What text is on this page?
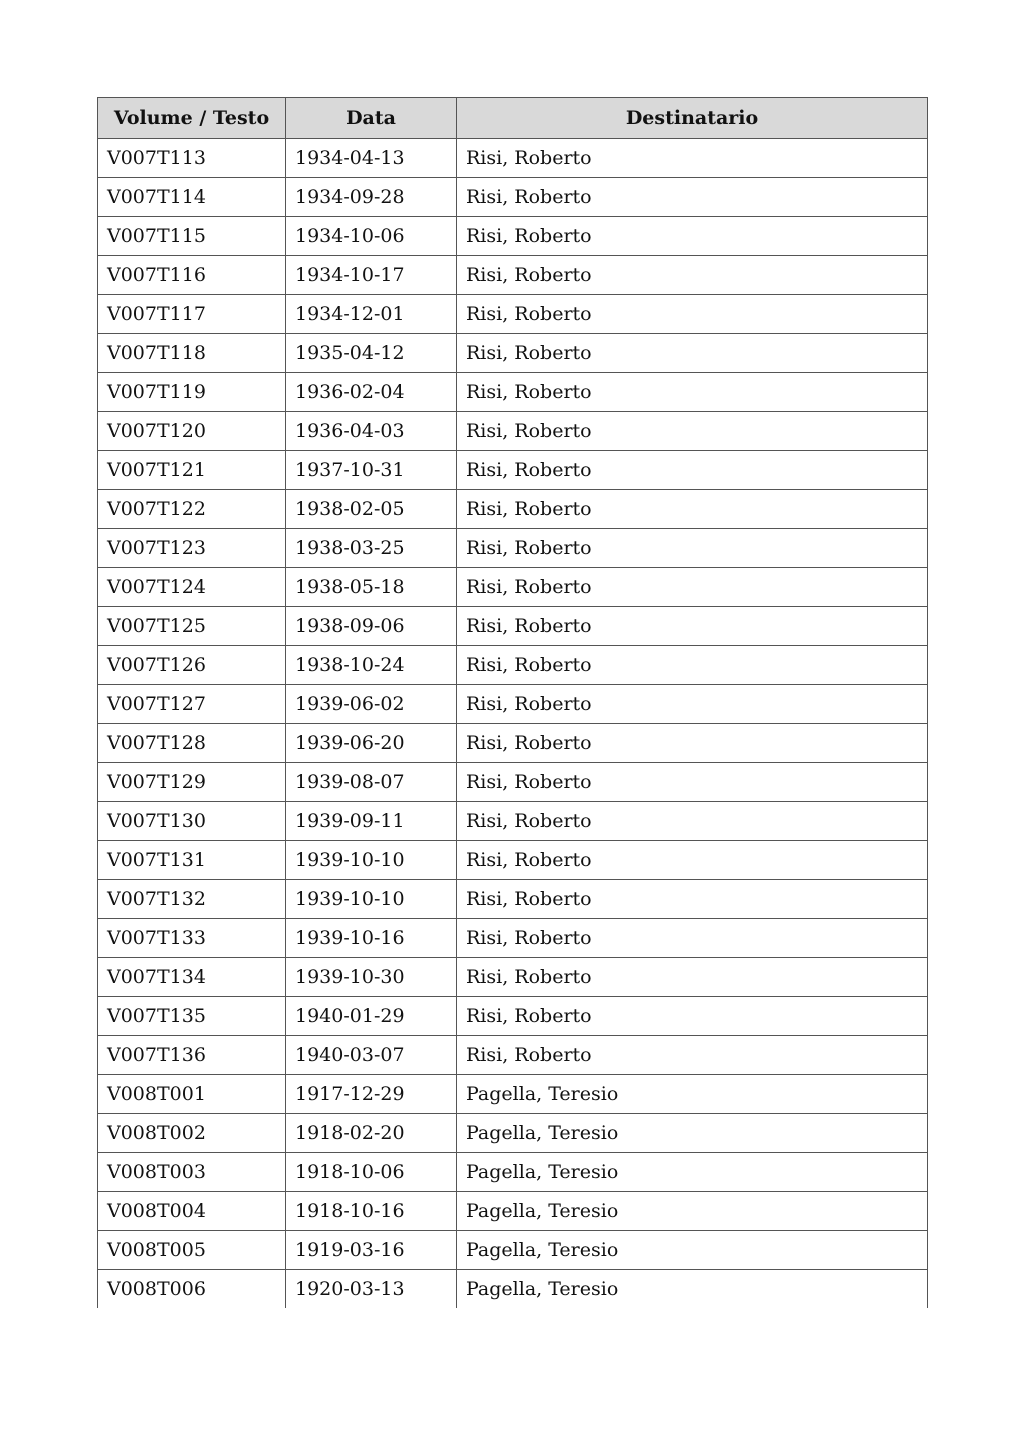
Volume / Testo	Data	Destinatario
V007T113	1934-04-13	Risi, Roberto
V007T114	1934-09-28	Risi, Roberto
V007T115	1934-10-06	Risi, Roberto
V007T116	1934-10-17	Risi, Roberto
V007T117	1934-12-01	Risi, Roberto
V007T118	1935-04-12	Risi, Roberto
V007T119	1936-02-04	Risi, Roberto
V007T120	1936-04-03	Risi, Roberto
V007T121	1937-10-31	Risi, Roberto
V007T122	1938-02-05	Risi, Roberto
V007T123	1938-03-25	Risi, Roberto
V007T124	1938-05-18	Risi, Roberto
V007T125	1938-09-06	Risi, Roberto
V007T126	1938-10-24	Risi, Roberto
V007T127	1939-06-02	Risi, Roberto
V007T128	1939-06-20	Risi, Roberto
V007T129	1939-08-07	Risi, Roberto
V007T130	1939-09-11	Risi, Roberto
V007T131	1939-10-10	Risi, Roberto
V007T132	1939-10-10	Risi, Roberto
V007T133	1939-10-16	Risi, Roberto
V007T134	1939-10-30	Risi, Roberto
V007T135	1940-01-29	Risi, Roberto
V007T136	1940-03-07	Risi, Roberto
V008T001	1917-12-29	Pagella, Teresio
V008T002	1918-02-20	Pagella, Teresio
V008T003	1918-10-06	Pagella, Teresio
V008T004	1918-10-16	Pagella, Teresio
V008T005	1919-03-16	Pagella, Teresio
V008T006	1920-03-13	Pagella, Teresio
